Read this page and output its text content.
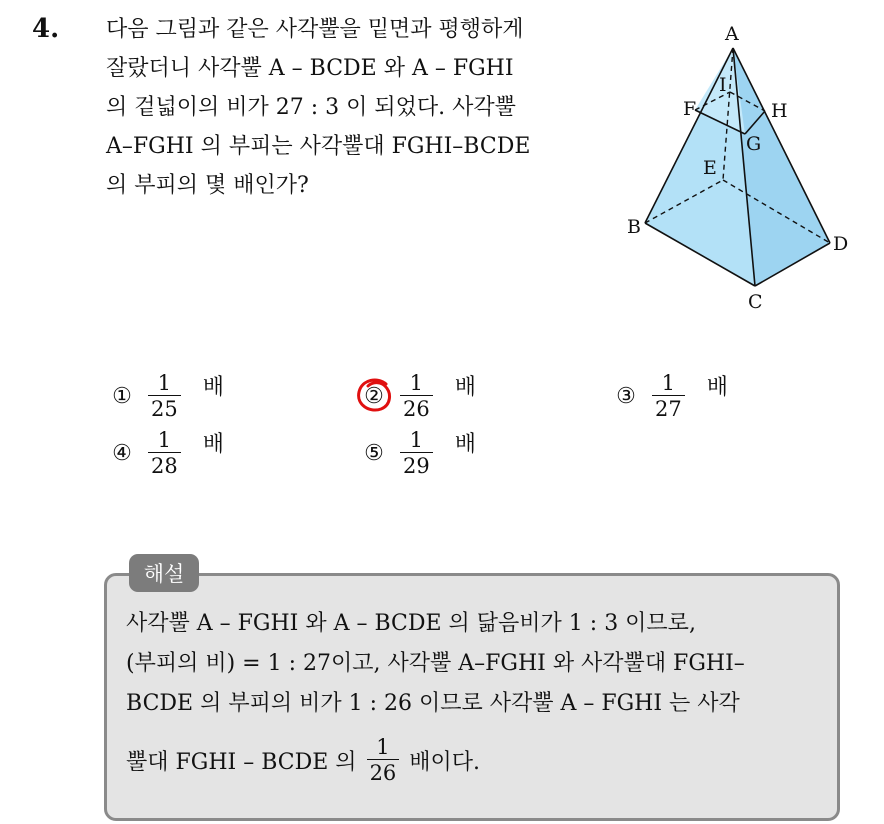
4. 다음 그림과 같은 사각뿔을 밑면과 평행하게
잘랐더니 사각뿔 A – BCDE 와 A – FGHI
의 겉넓이의 비가 27 : 3 이 되었다. 사각뿔
A–FGHI 의 부피는 사각뿔대 FGHI–BCDE
의 부피의 몇 배인가?
A
B
C
D
E
F
G
H
I
① $\frac{1}{25}$ 배	② $\frac{1}{26}$ 배	③ $\frac{1}{27}$ 배
④ $\frac{1}{28}$ 배	⑤ $\frac{1}{29}$ 배
해설
사각뿔 A – FGHI 와 A – BCDE 의 닮음비가 1 : 3 이므로,
(부피의 비) = 1 : 27이고, 사각뿔 A–FGHI 와 사각뿔대 FGHI–
BCDE 의 부피의 비가 1 : 26 이므로 사각뿔 A – FGHI 는 사각
뿔대 FGHI – BCDE 의 $\frac{1}{26}$ 배이다.
